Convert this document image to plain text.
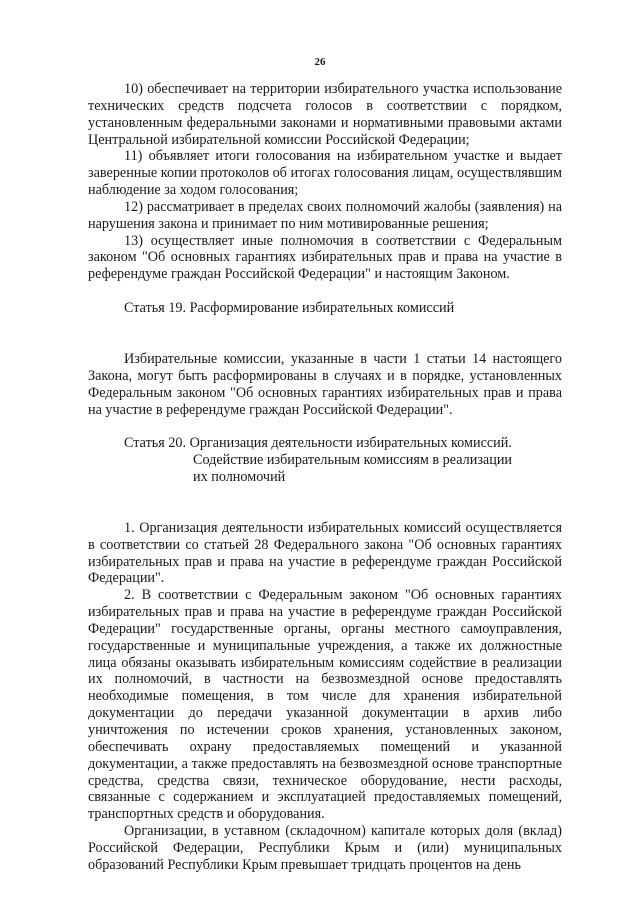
26

10) обеспечивает на территории избирательного участка использование технических средств подсчета голосов в соответствии с порядком, установленным федеральными законами и нормативными правовыми актами Центральной избирательной комиссии Российской Федерации;

11) объявляет итоги голосования на избирательном участке и выдает заверенные копии протоколов об итогах голосования лицам, осуществлявшим наблюдение за ходом голосования;

12) рассматривает в пределах своих полномочий жалобы (заявления) на нарушения закона и принимает по ним мотивированные решения;

13) осуществляет иные полномочия в соответствии с Федеральным законом "Об основных гарантиях избирательных прав и права на участие в референдуме граждан Российской Федерации" и настоящим Законом.

Статья 19. Расформирование избирательных комиссий

Избирательные комиссии, указанные в части 1 статьи 14 настоящего Закона, могут быть расформированы в случаях и в порядке, установленных Федеральным законом "Об основных гарантиях избирательных прав и права на участие в референдуме граждан Российской Федерации".

Статья 20. Организация деятельности избирательных комиссий.
Содействие избирательным комиссиям в реализации
их полномочий

1. Организация деятельности избирательных комиссий осуществляется в соответствии со статьей 28 Федерального закона "Об основных гарантиях избирательных прав и права на участие в референдуме граждан Российской Федерации".

2. В соответствии с Федеральным законом "Об основных гарантиях избирательных прав и права на участие в референдуме граждан Российской Федерации" государственные органы, органы местного самоуправления, государственные и муниципальные учреждения, а также их должностные лица обязаны оказывать избирательным комиссиям содействие в реализации их полномочий, в частности на безвозмездной основе предоставлять необходимые помещения, в том числе для хранения избирательной документации до передачи указанной документации в архив либо уничтожения по истечении сроков хранения, установленных законом, обеспечивать охрану предоставляемых помещений и указанной документации, а также предоставлять на безвозмездной основе транспортные средства, средства связи, техническое оборудование, нести расходы, связанные с содержанием и эксплуатацией предоставляемых помещений, транспортных средств и оборудования.

Организации, в уставном (складочном) капитале которых доля (вклад) Российской Федерации, Республики Крым и (или) муниципальных образований Республики Крым превышает тридцать процентов на день
